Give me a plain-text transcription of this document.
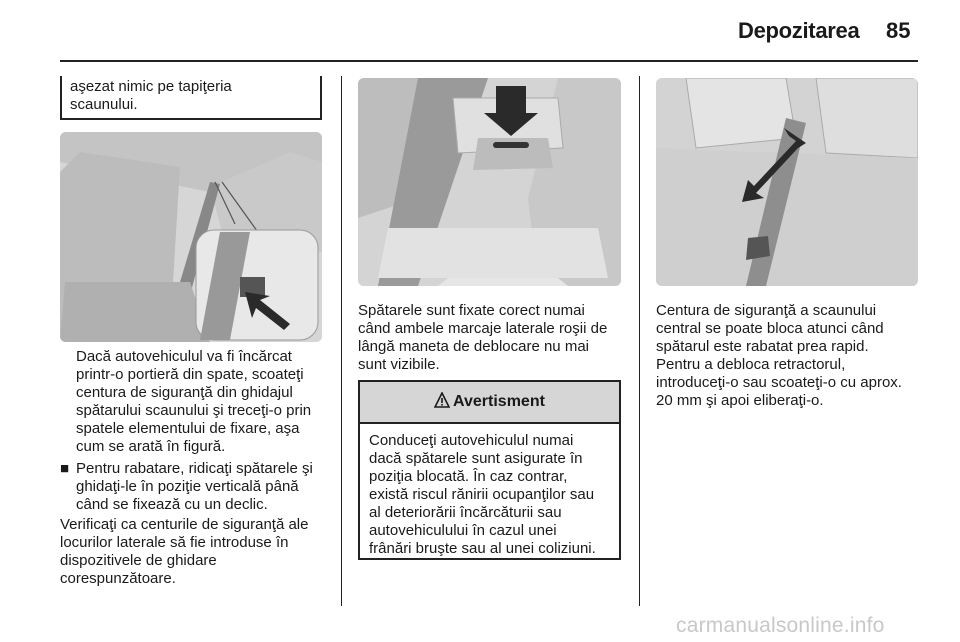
Depozitarea 85
aşezat nimic pe tapiţeria
scaunului.
Dacă autovehiculul va fi încărcat
printr-o portieră din spate, scoateţi
centura de siguranţă din ghidajul
spătarului scaunului şi treceţi-o prin
spatele elementului de fixare, aşa
cum se arată în figură.
■ Pentru rabatare, ridicaţi spătarele şi
ghidaţi-le în poziţie verticală până
când se fixează cu un declic.
Verificaţi ca centurile de siguranţă ale
locurilor laterale să fie introduse în
dispozitivele de ghidare
corespunzătoare.
Spătarele sunt fixate corect numai
când ambele marcaje laterale roşii de
lângă maneta de deblocare nu mai
sunt vizibile.
Avertisment
Conduceţi autovehiculul numai
dacă spătarele sunt asigurate în
poziţia blocată. În caz contrar,
există riscul rănirii ocupanţilor sau
al deteriorării încărcăturii sau
autovehiculului în cazul unei
frânări bruşte sau al unei coliziuni.
Centura de siguranţă a scaunului
central se poate bloca atunci când
spătarul este rabatat prea rapid.
Pentru a debloca retractorul,
introduceţi-o sau scoateţi-o cu aprox.
20 mm şi apoi eliberaţi-o.
carmanualsonline.info
